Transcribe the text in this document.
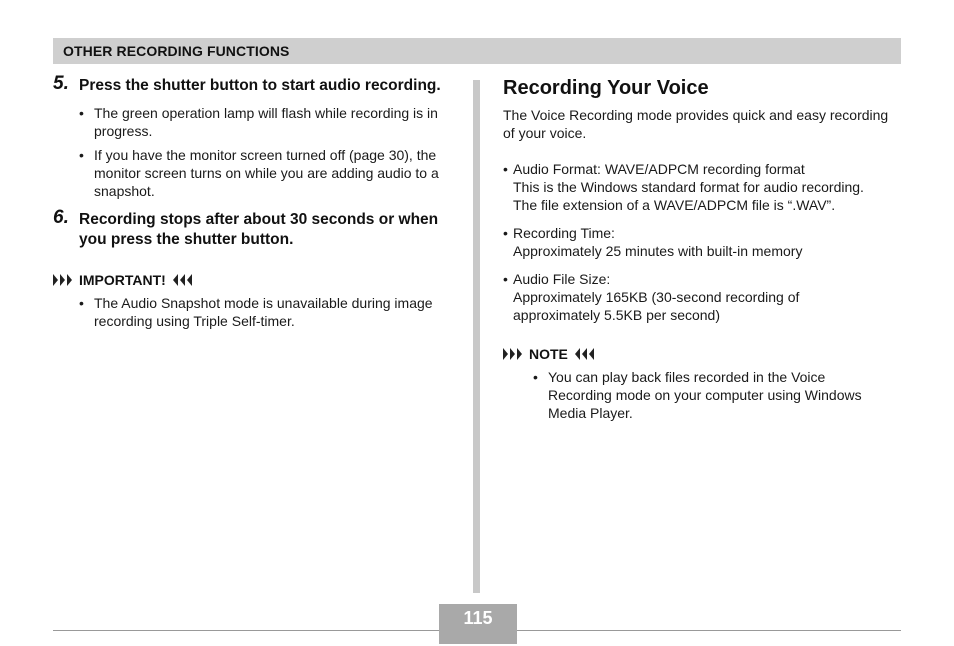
OTHER RECORDING FUNCTIONS
5. Press the shutter button to start audio recording.
• The green operation lamp will flash while recording is in progress.
• If you have the monitor screen turned off (page 30), the monitor screen turns on while you are adding audio to a snapshot.
6. Recording stops after about 30 seconds or when you press the shutter button.
IMPORTANT!
• The Audio Snapshot mode is unavailable during image recording using Triple Self-timer.
Recording Your Voice
The Voice Recording mode provides quick and easy recording of your voice.
• Audio Format: WAVE/ADPCM recording format
This is the Windows standard format for audio recording.
The file extension of a WAVE/ADPCM file is “.WAV”.
• Recording Time:
Approximately 25 minutes with built-in memory
• Audio File Size:
Approximately 165KB (30-second recording of
approximately 5.5KB per second)
NOTE
• You can play back files recorded in the Voice Recording mode on your computer using Windows Media Player.
115
